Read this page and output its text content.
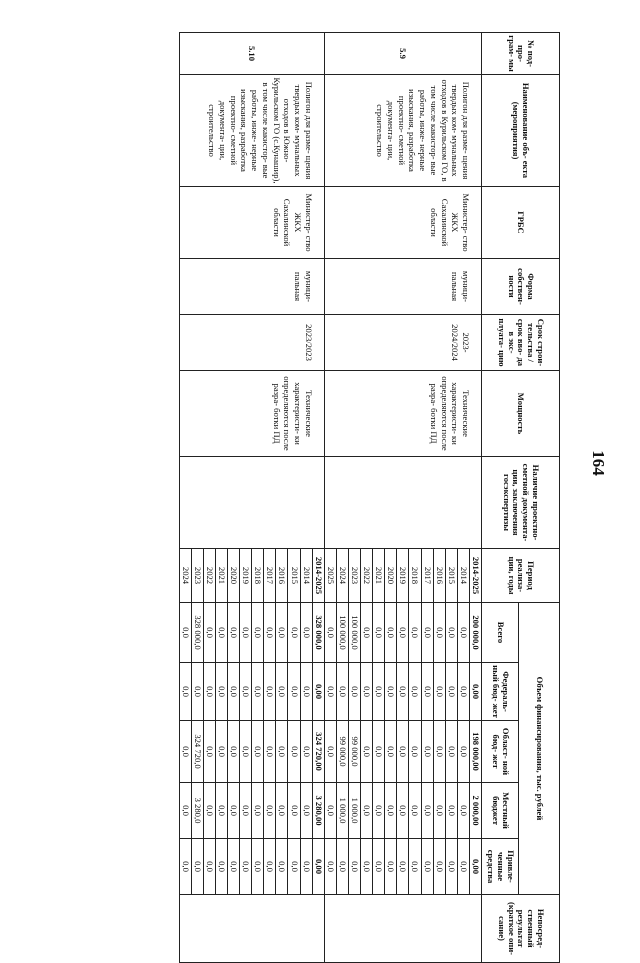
164
№ под- про- грам- мы	Наименование объ- екта (мероприятия)	ГРБС	Форма собствен- ности	Срок строи- тельства / срок вво- да в экс- плуата- цию	Мощность	Наличие проектно- сметной документа- ции, заключения госэкспертизы	Период реализа- ции, годы	Объем финансирования, тыс. рублей					Непосред- ственный результат (краткое опи- сание)
								Всего	Федераль- ный бюд- жет	Област- ной бюд- жет	Местный бюджет	Привле- ченные средства	
5.9	Полигон для разме- щения твердых ком- мунальных отходов в Курильском ГО, в том числе какистор- вые работы, инже- нерные изыскания, разработка проектно- сметной документа- ции, строительство	Министер- ство ЖКХ Сахалинской области	муници- пальная	2023- 2024/2024	Технические характеристи- ки определяются после разра- ботки ПД		2014-2025	200 000,0	0,00	198 000,00	2 000,00	0,00	
							2014	0,0	0,0	0,0	0,0	0,0	
							2015	0,0	0,0	0,0	0,0	0,0	
							2016	0,0	0,0	0,0	0,0	0,0	
							2017	0,0	0,0	0,0	0,0	0,0	
							2018	0,0	0,0	0,0	0,0	0,0	
							2019	0,0	0,0	0,0	0,0	0,0	
							2020	0,0	0,0	0,0	0,0	0,0	
							2021	0,0	0,0	0,0	0,0	0,0	
							2022	0,0	0,0	0,0	0,0	0,0	
							2023	100 000,0	0,0	99 000,0	1 000,0	0,0	
							2024	100 000,0	0,0	99 000,0	1 000,0	0,0	
							2025	0,0	0,0	0,0	0,0	0,0	
5.10	Полигон для разме- щения твердых ком- мунальных отходов в Южно-Курильском ГО (с.Кунашир), в том числе какистор- вые работы, инже- нерные изыскания, разработка проектно- сметной документа- ции, строительство	Министер- ство ЖКХ Сахалинской области	муници- пальная	2023/2023	Технические характеристи- ки определяются после разра- ботки ПД		2014-2025	328 000,0	0,00	324 720,00	3 280,00	0,00	
							2014	0,0	0,0	0,0	0,0	0,0	
							2015	0,0	0,0	0,0	0,0	0,0	
							2016	0,0	0,0	0,0	0,0	0,0	
							2017	0,0	0,0	0,0	0,0	0,0	
							2018	0,0	0,0	0,0	0,0	0,0	
							2019	0,0	0,0	0,0	0,0	0,0	
							2020	0,0	0,0	0,0	0,0	0,0	
							2021	0,0	0,0	0,0	0,0	0,0	
							2022	0,0	0,0	0,0	0,0	0,0	
							2023	328 000,0	0,0	324 720,0	3 280,0	0,0	
							2024	0,0	0,0	0,0	0,0	0,0	
